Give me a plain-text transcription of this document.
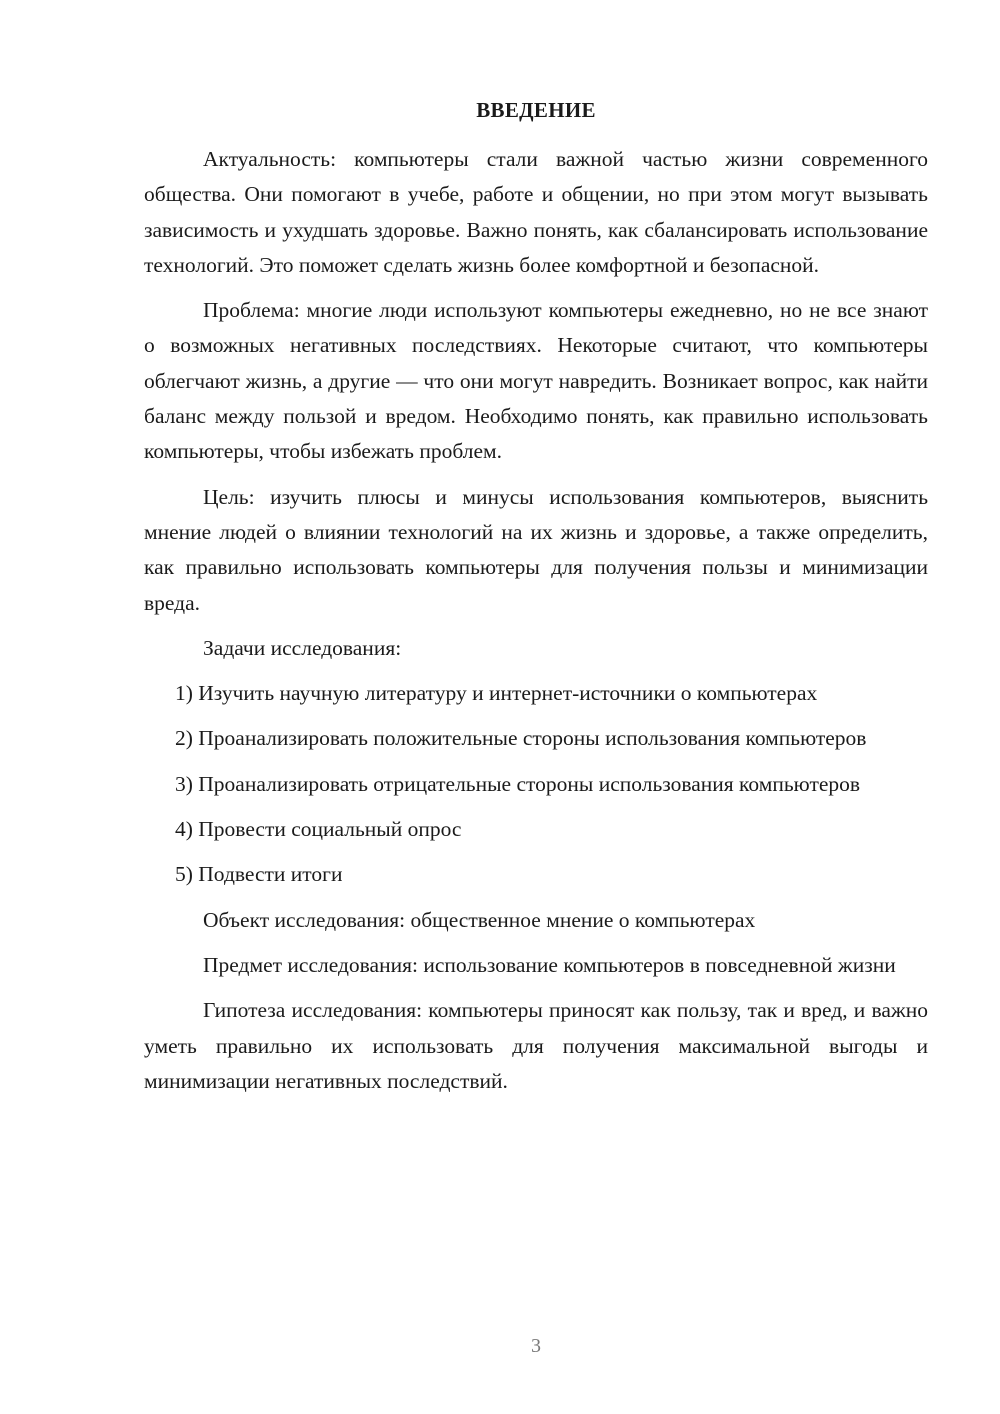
ВВЕДЕНИЕ

Актуальность: компьютеры стали важной частью жизни современного общества. Они помогают в учебе, работе и общении, но при этом могут вызывать зависимость и ухудшать здоровье. Важно понять, как сбалансировать использование технологий. Это поможет сделать жизнь более комфортной и безопасной.

Проблема: многие люди используют компьютеры ежедневно, но не все знают о возможных негативных последствиях. Некоторые считают, что компьютеры облегчают жизнь, а другие — что они могут навредить. Возникает вопрос, как найти баланс между пользой и вредом. Необходимо понять, как правильно использовать компьютеры, чтобы избежать проблем.

Цель: изучить плюсы и минусы использования компьютеров, выяснить мнение людей о влиянии технологий на их жизнь и здоровье, а также определить, как правильно использовать компьютеры для получения пользы и минимизации вреда.

Задачи исследования:

1) Изучить научную литературу и интернет-источники о компьютерах

2) Проанализировать положительные стороны использования компьютеров

3) Проанализировать отрицательные стороны использования компьютеров

4) Провести социальный опрос

5) Подвести итоги

Объект исследования: общественное мнение о компьютерах

Предмет исследования: использование компьютеров в повседневной жизни

Гипотеза исследования: компьютеры приносят как пользу, так и вред, и важно уметь правильно их использовать для получения максимальной выгоды и минимизации негативных последствий.

3
